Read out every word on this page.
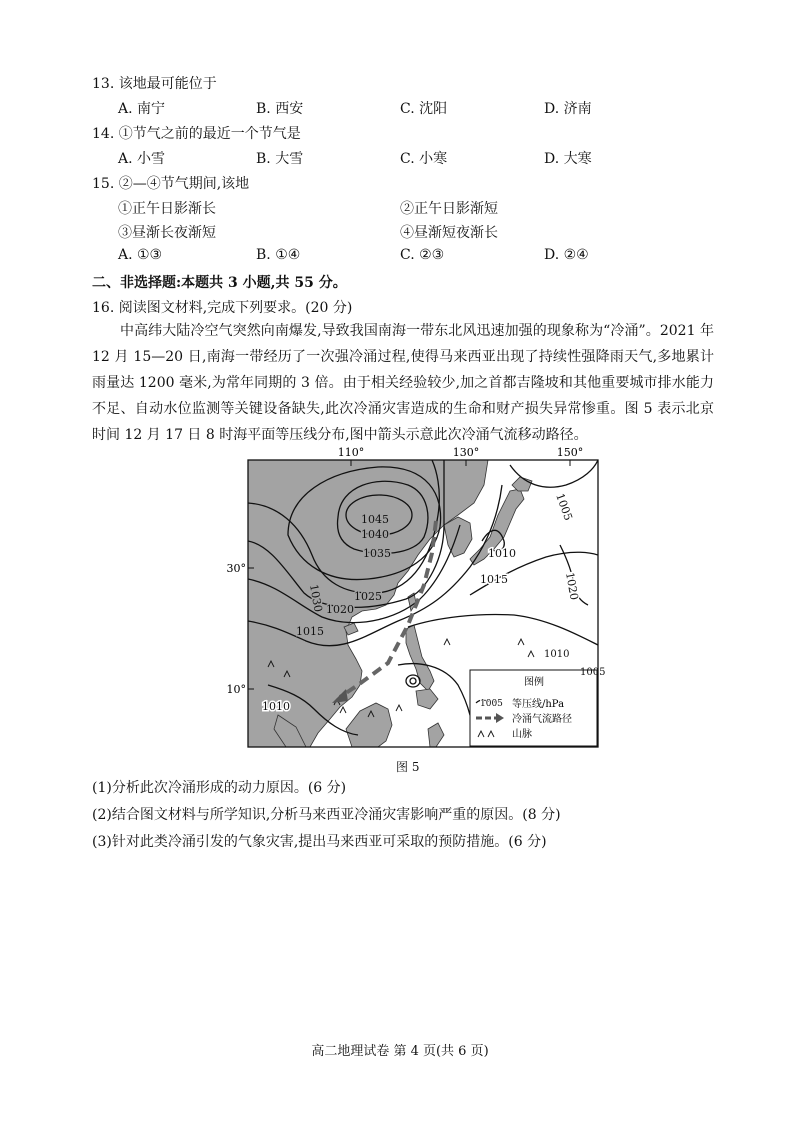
13. 该地最可能位于
A. 南宁	B. 西安	C. 沈阳	D. 济南
14. ①节气之前的最近一个节气是
A. 小雪	B. 大雪	C. 小寒	D. 大寒
15. ②—④节气期间,该地
①正午日影渐长	②正午日影渐短
③昼渐长夜渐短	④昼渐短夜渐长
A. ①③	B. ①④	C. ②③	D. ②④
二、非选择题:本题共 3 小题,共 55 分。
16. 阅读图文材料,完成下列要求。(20 分)
中高纬大陆冷空气突然向南爆发,导致我国南海一带东北风迅速加强的现象称为“冷涌”。2021 年 12 月 15—20 日,南海一带经历了一次强冷涌过程,使得马来西亚出现了持续性强降雨天气,多地累计雨量达 1200 毫米,为常年同期的 3 倍。由于相关经验较少,加之首都吉隆坡和其他重要城市排水能力不足、自动水位监测等关键设备缺失,此次冷涌灾害造成的生命和财产损失异常惨重。图 5 表示北京时间 12 月 17 日 8 时海平面等压线分布,图中箭头示意此次冷涌气流移动路径。
110°	130°	150°
1045
1040
1035
1030	1025
1020
1015
1010
1005
1010
1015	1020
30°
10°
图例
1005 等压线/hPa
冷涌气流路径
山脉
1010
1005
图 5
(1)分析此次冷涌形成的动力原因。(6 分)
(2)结合图文材料与所学知识,分析马来西亚冷涌灾害影响严重的原因。(8 分)
(3)针对此类冷涌引发的气象灾害,提出马来西亚可采取的预防措施。(6 分)
高二地理试卷 第 4 页(共 6 页)
